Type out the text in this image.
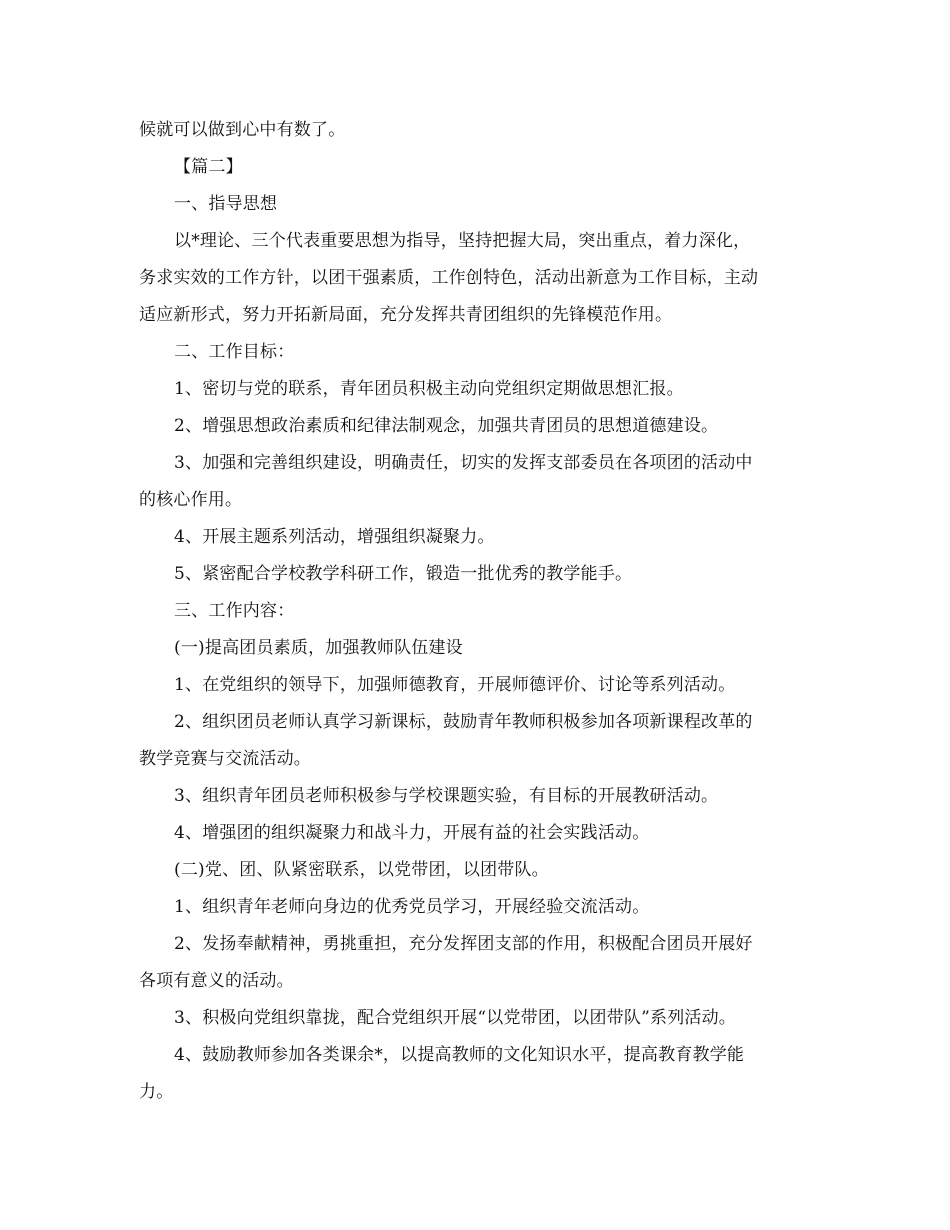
候就可以做到心中有数了。
【篇二】
一、指导思想
以*理论、三个代表重要思想为指导，坚持把握大局，突出重点，着力深化，
务求实效的工作方针，以团干强素质，工作创特色，活动出新意为工作目标，主动
适应新形式，努力开拓新局面，充分发挥共青团组织的先锋模范作用。
二、工作目标：
1、密切与党的联系，青年团员积极主动向党组织定期做思想汇报。
2、增强思想政治素质和纪律法制观念，加强共青团员的思想道德建设。
3、加强和完善组织建设，明确责任，切实的发挥支部委员在各项团的活动中
的核心作用。
4、开展主题系列活动，增强组织凝聚力。
5、紧密配合学校教学科研工作，锻造一批优秀的教学能手。
三、工作内容：
(一)提高团员素质，加强教师队伍建设
1、在党组织的领导下，加强师德教育，开展师德评价、讨论等系列活动。
2、组织团员老师认真学习新课标，鼓励青年教师积极参加各项新课程改革的
教学竞赛与交流活动。
3、组织青年团员老师积极参与学校课题实验，有目标的开展教研活动。
4、增强团的组织凝聚力和战斗力，开展有益的社会实践活动。
(二)党、团、队紧密联系，以党带团，以团带队。
1、组织青年老师向身边的优秀党员学习，开展经验交流活动。
2、发扬奉献精神，勇挑重担，充分发挥团支部的作用，积极配合团员开展好
各项有意义的活动。
3、积极向党组织靠拢，配合党组织开展“以党带团，以团带队”系列活动。
4、鼓励教师参加各类课余*，以提高教师的文化知识水平，提高教育教学能
力。
